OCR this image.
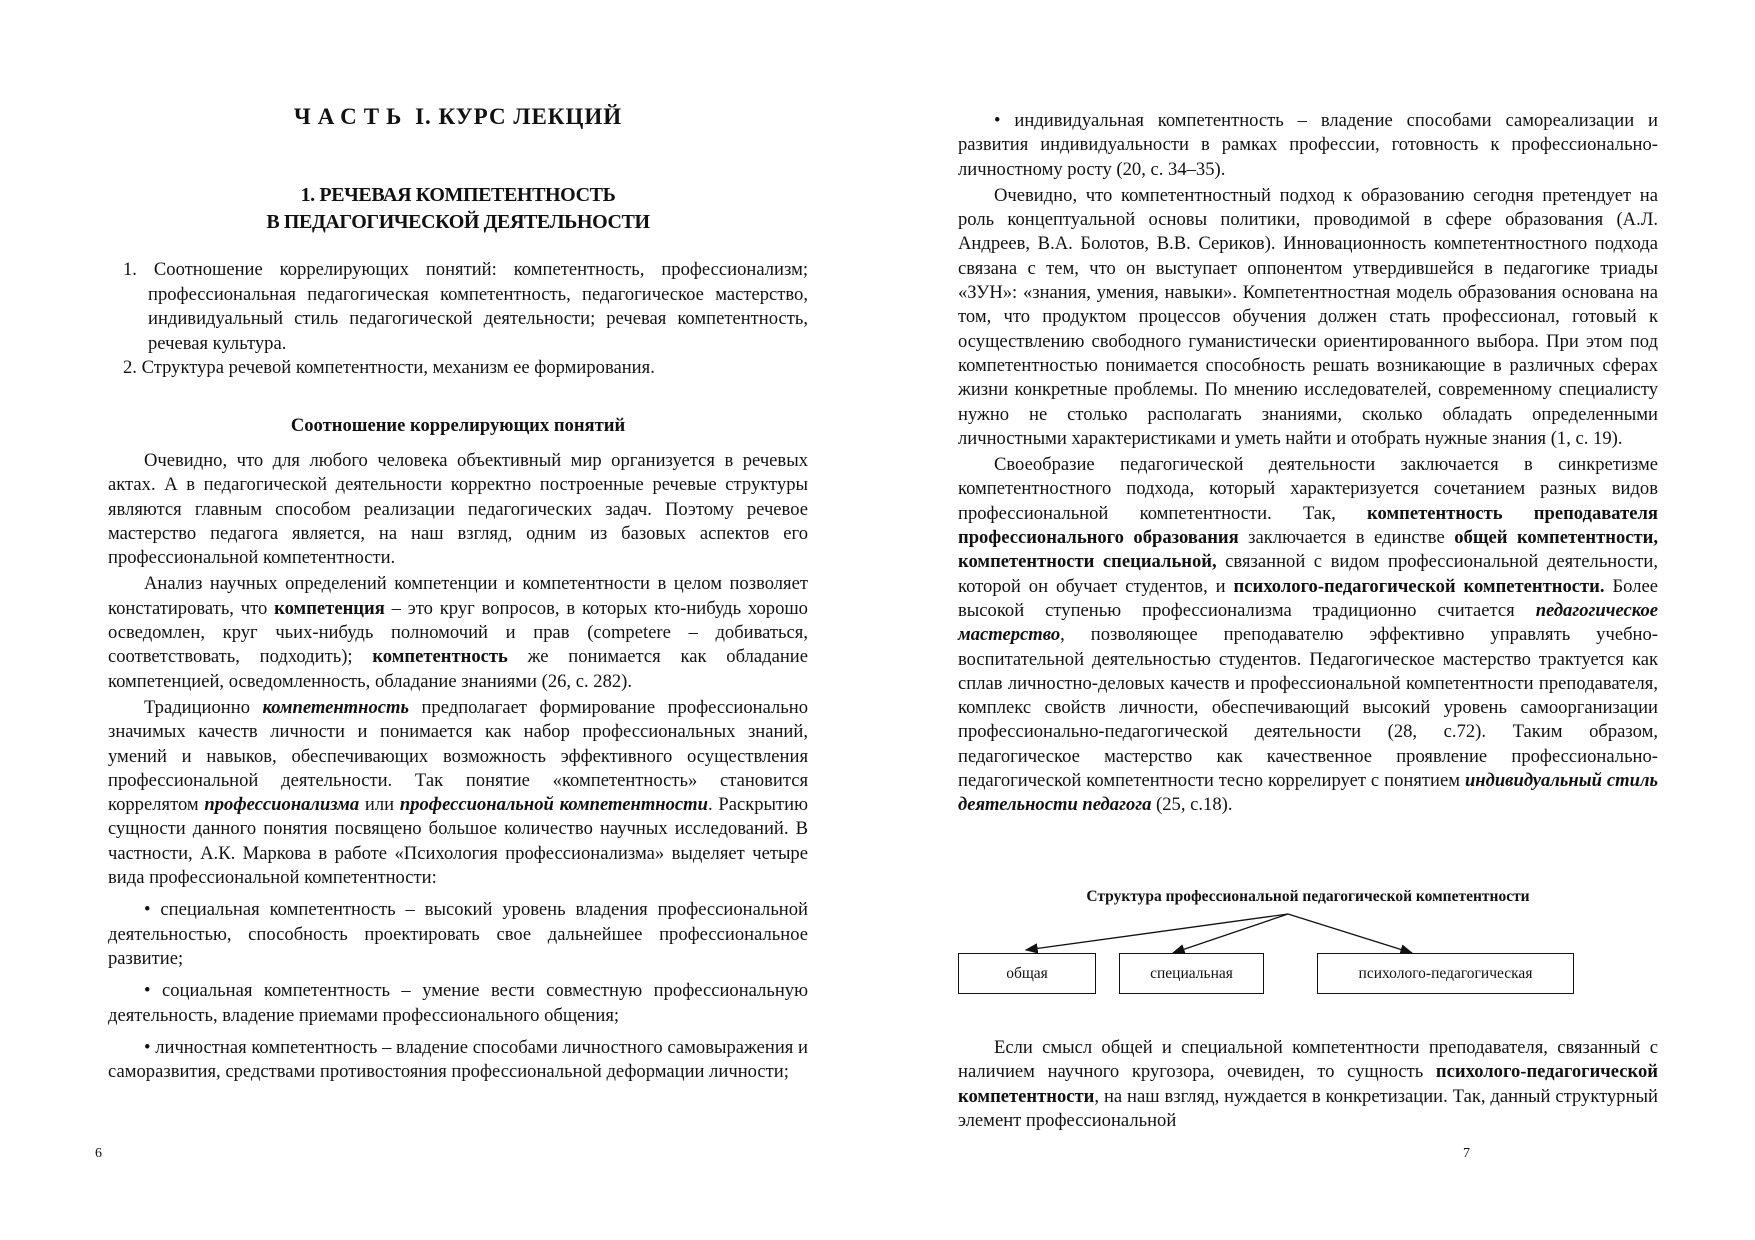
ЧАСТЬ I. КУРС ЛЕКЦИЙ
1. РЕЧЕВАЯ КОМПЕТЕНТНОСТЬ
В ПЕДАГОГИЧЕСКОЙ ДЕЯТЕЛЬНОСТИ
1. Соотношение коррелирующих понятий: компетентность, профессионализм; профессиональная педагогическая компетентность, педагогическое мастерство, индивидуальный стиль педагогической деятельности; речевая компетентность, речевая культура.
2. Структура речевой компетентности, механизм ее формирования.
Соотношение коррелирующих понятий

Очевидно, что для любого человека объективный мир организуется в речевых актах. А в педагогической деятельности корректно построенные речевые структуры являются главным способом реализации педагогических задач. Поэтому речевое мастерство педагога является, на наш взгляд, одним из базовых аспектов его профессиональной компетентности.

Анализ научных определений компетенции и компетентности в целом позволяет констатировать, что компетенция – это круг вопросов, в которых кто-нибудь хорошо осведомлен, круг чьих-нибудь полномочий и прав (competere – добиваться, соответствовать, подходить); компетентность же понимается как обладание компетенцией, осведомленность, обладание знаниями (26, с. 282).

Традиционно компетентность предполагает формирование профессионально значимых качеств личности и понимается как набор профессиональных знаний, умений и навыков, обеспечивающих возможность эффективного осуществления профессиональной деятельности. Так понятие «компетентность» становится коррелятом профессионализма или профессиональной компетентности. Раскрытию сущности данного понятия посвящено большое количество научных исследований. В частности, А.К. Маркова в работе «Психология профессионализма» выделяет четыре вида профессиональной компетентности:

• специальная компетентность – высокий уровень владения профессиональной деятельностью, способность проектировать свое дальнейшее профессиональное развитие;

• социальная компетентность – умение вести совместную профессиональную деятельность, владение приемами профессионального общения;

• личностная компетентность – владение способами личностного самовыражения и саморазвития, средствами противостояния профессиональной деформации личности;

6

• индивидуальная компетентность – владение способами самореализации и развития индивидуальности в рамках профессии, готовность к профессионально-личностному росту (20, с. 34–35).

Очевидно, что компетентностный подход к образованию сегодня претендует на роль концептуальной основы политики, проводимой в сфере образования (А.Л. Андреев, В.А. Болотов, В.В. Сериков). Инновационность компетентностного подхода связана с тем, что он выступает оппонентом утвердившейся в педагогике триады «ЗУН»: «знания, умения, навыки». Компетентностная модель образования основана на том, что продуктом процессов обучения должен стать профессионал, готовый к осуществлению свободного гуманистически ориентированного выбора. При этом под компетентностью понимается способность решать возникающие в различных сферах жизни конкретные проблемы. По мнению исследователей, современному специалисту нужно не столько располагать знаниями, сколько обладать определенными личностными характеристиками и уметь найти и отобрать нужные знания (1, с. 19).

Своеобразие педагогической деятельности заключается в синкретизме компетентностного подхода, который характеризуется сочетанием разных видов профессиональной компетентности. Так, компетентность преподавателя профессионального образования заключается в единстве общей компетентности, компетентности специальной, связанной с видом профессиональной деятельности, которой он обучает студентов, и психолого-педагогической компетентности. Более высокой ступенью профессионализма традиционно считается педагогическое мастерство, позволяющее преподавателю эффективно управлять учебно-воспитательной деятельностью студентов. Педагогическое мастерство трактуется как сплав личностно-деловых качеств и профессиональной компетентности преподавателя, комплекс свойств личности, обеспечивающий высокий уровень самоорганизации профессионально-педагогической деятельности (28, с.72). Таким образом, педагогическое мастерство как качественное проявление профессионально-педагогической компетентности тесно коррелирует с понятием индивидуальный стиль деятельности педагога (25, с.18).

Структура профессиональной педагогической компетентности
общая	специальная	психолого-педагогическая

Если смысл общей и специальной компетентности преподавателя, связанный с наличием научного кругозора, очевиден, то сущность психолого-педагогической компетентности, на наш взгляд, нуждается в конкретизации. Так, данный структурный элемент профессиональной

7
